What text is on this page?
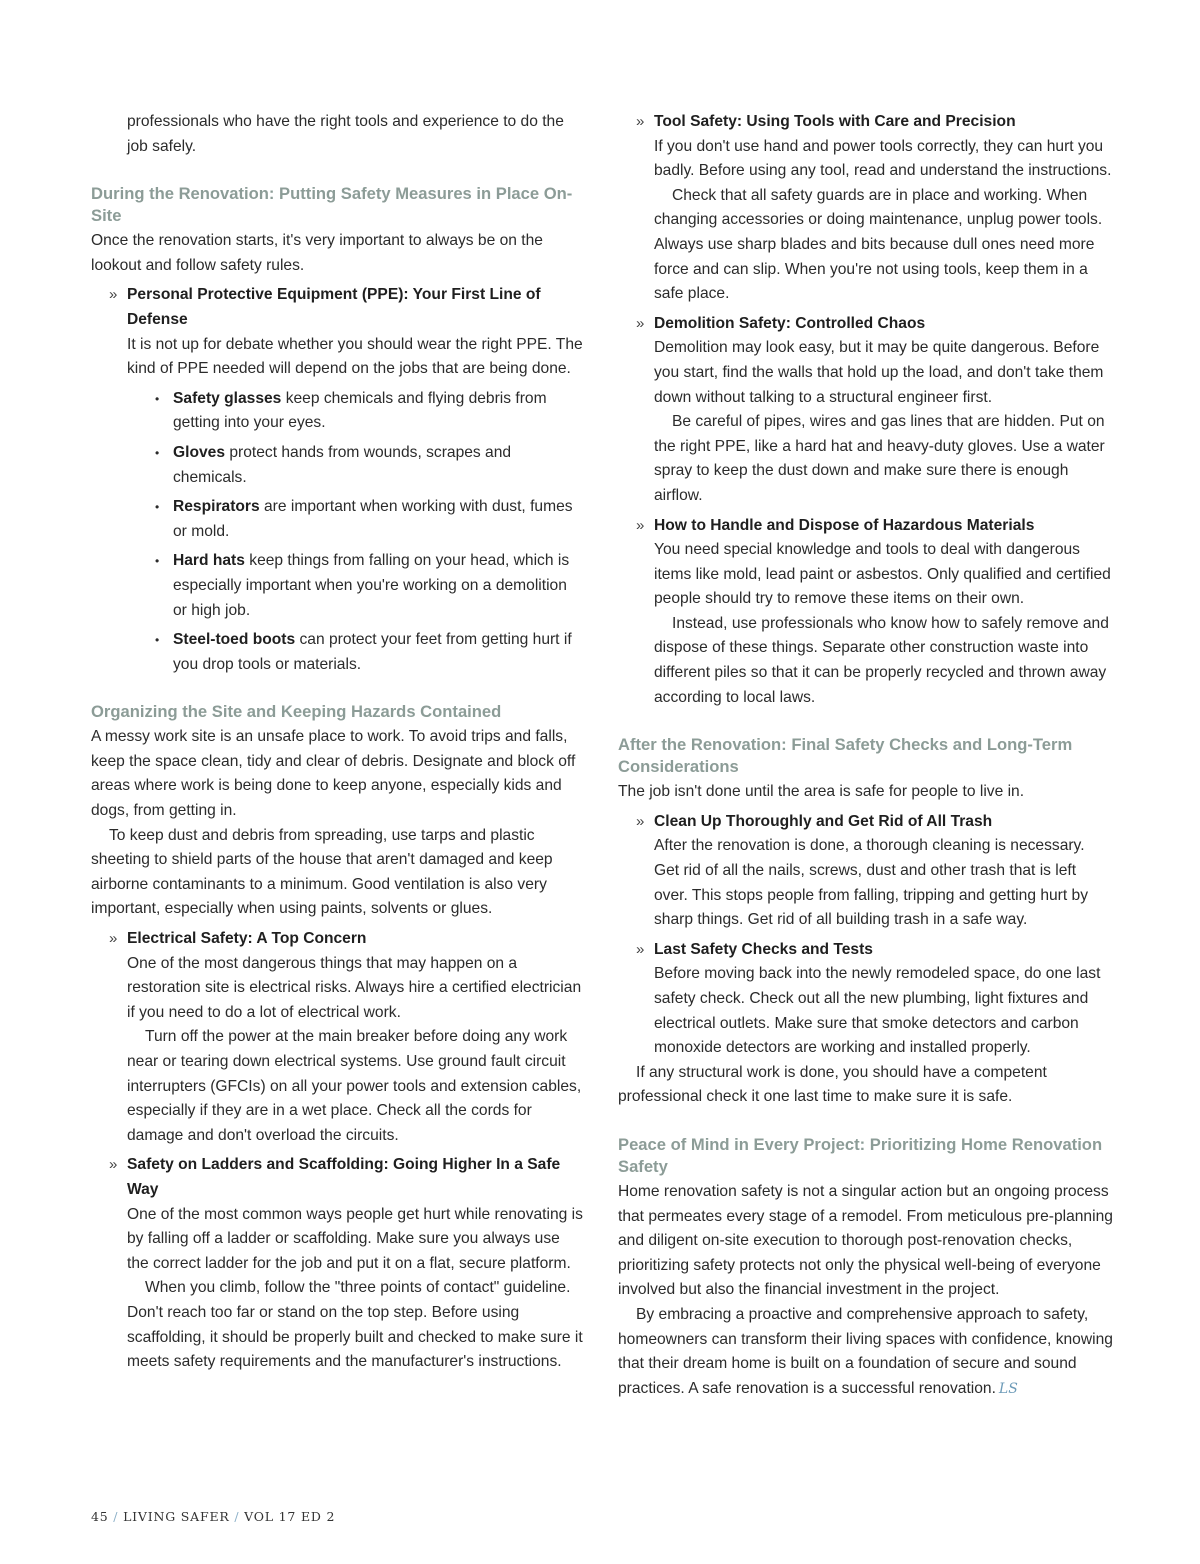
professionals who have the right tools and experience to do the job safely.

During the Renovation: Putting Safety Measures in Place On-Site

Once the renovation starts, it's very important to always be on the lookout and follow safety rules.

» Personal Protective Equipment (PPE): Your First Line of Defense

It is not up for debate whether you should wear the right PPE. The kind of PPE needed will depend on the jobs that are being done.

• Safety glasses keep chemicals and flying debris from getting into your eyes.

• Gloves protect hands from wounds, scrapes and chemicals.

• Respirators are important when working with dust, fumes or mold.

• Hard hats keep things from falling on your head, which is especially important when you're working on a demolition or high job.

• Steel-toed boots can protect your feet from getting hurt if you drop tools or materials.

Organizing the Site and Keeping Hazards Contained

A messy work site is an unsafe place to work. To avoid trips and falls, keep the space clean, tidy and clear of debris. Designate and block off areas where work is being done to keep anyone, especially kids and dogs, from getting in.

To keep dust and debris from spreading, use tarps and plastic sheeting to shield parts of the house that aren't damaged and keep airborne contaminants to a minimum. Good ventilation is also very important, especially when using paints, solvents or glues.

» Electrical Safety: A Top Concern

One of the most dangerous things that may happen on a restoration site is electrical risks. Always hire a certified electrician if you need to do a lot of electrical work.

Turn off the power at the main breaker before doing any work near or tearing down electrical systems. Use ground fault circuit interrupters (GFCIs) on all your power tools and extension cables, especially if they are in a wet place. Check all the cords for damage and don't overload the circuits.

» Safety on Ladders and Scaffolding: Going Higher In a Safe Way

One of the most common ways people get hurt while renovating is by falling off a ladder or scaffolding. Make sure you always use the correct ladder for the job and put it on a flat, secure platform.

When you climb, follow the "three points of contact" guideline. Don't reach too far or stand on the top step. Before using scaffolding, it should be properly built and checked to make sure it meets safety requirements and the manufacturer's instructions.

» Tool Safety: Using Tools with Care and Precision

If you don't use hand and power tools correctly, they can hurt you badly. Before using any tool, read and understand the instructions.

Check that all safety guards are in place and working. When changing accessories or doing maintenance, unplug power tools. Always use sharp blades and bits because dull ones need more force and can slip. When you're not using tools, keep them in a safe place.

» Demolition Safety: Controlled Chaos

Demolition may look easy, but it may be quite dangerous. Before you start, find the walls that hold up the load, and don't take them down without talking to a structural engineer first.

Be careful of pipes, wires and gas lines that are hidden. Put on the right PPE, like a hard hat and heavy-duty gloves. Use a water spray to keep the dust down and make sure there is enough airflow.

» How to Handle and Dispose of Hazardous Materials

You need special knowledge and tools to deal with dangerous items like mold, lead paint or asbestos. Only qualified and certified people should try to remove these items on their own.

Instead, use professionals who know how to safely remove and dispose of these things. Separate other construction waste into different piles so that it can be properly recycled and thrown away according to local laws.

After the Renovation: Final Safety Checks and Long-Term Considerations

The job isn't done until the area is safe for people to live in.

» Clean Up Thoroughly and Get Rid of All Trash

After the renovation is done, a thorough cleaning is necessary. Get rid of all the nails, screws, dust and other trash that is left over. This stops people from falling, tripping and getting hurt by sharp things. Get rid of all building trash in a safe way.

» Last Safety Checks and Tests

Before moving back into the newly remodeled space, do one last safety check. Check out all the new plumbing, light fixtures and electrical outlets. Make sure that smoke detectors and carbon monoxide detectors are working and installed properly.

If any structural work is done, you should have a competent professional check it one last time to make sure it is safe.

Peace of Mind in Every Project: Prioritizing Home Renovation Safety

Home renovation safety is not a singular action but an ongoing process that permeates every stage of a remodel. From meticulous pre-planning and diligent on-site execution to thorough post-renovation checks, prioritizing safety protects not only the physical well-being of everyone involved but also the financial investment in the project.

By embracing a proactive and comprehensive approach to safety, homeowners can transform their living spaces with confidence, knowing that their dream home is built on a foundation of secure and sound practices. A safe renovation is a successful renovation. LS

45 / LIVING SAFER / VOL 17 ED 2
